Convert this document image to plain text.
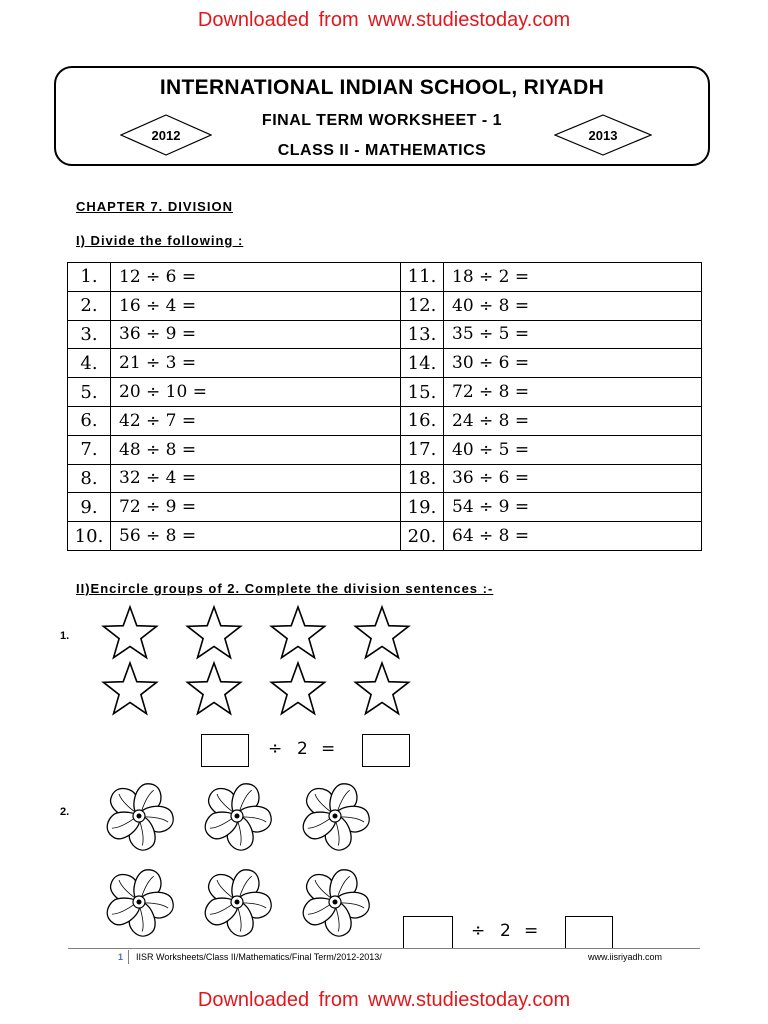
Downloaded from www.studiestoday.com
INTERNATIONAL INDIAN SCHOOL, RIYADH
FINAL TERM WORKSHEET - 1
CLASS II - MATHEMATICS
2012	2013
CHAPTER 7. DIVISION
I) Divide the following :
1.	12 ÷ 6 =	11.	18 ÷ 2 =
2.	16 ÷ 4 =	12.	40 ÷ 8 =
3.	36 ÷ 9 =	13.	35 ÷ 5 =
4.	21 ÷ 3 =	14.	30 ÷ 6 =
5.	20 ÷ 10 =	15.	72 ÷ 8 =
6.	42 ÷ 7 =	16.	24 ÷ 8 =
7.	48 ÷ 8 =	17.	40 ÷ 5 =
8.	32 ÷ 4 =	18.	36 ÷ 6 =
9.	72 ÷ 9 =	19.	54 ÷ 9 =
10.	56 ÷ 8 =	20.	64 ÷ 8 =
II)Encircle groups of 2. Complete the division sentences :-
1.
÷ 2 =
2.
÷ 2 =
1 IISR Worksheets/Class II/Mathematics/Final Term/2012-2013/	www.iisriyadh.com
Downloaded from www.studiestoday.com
